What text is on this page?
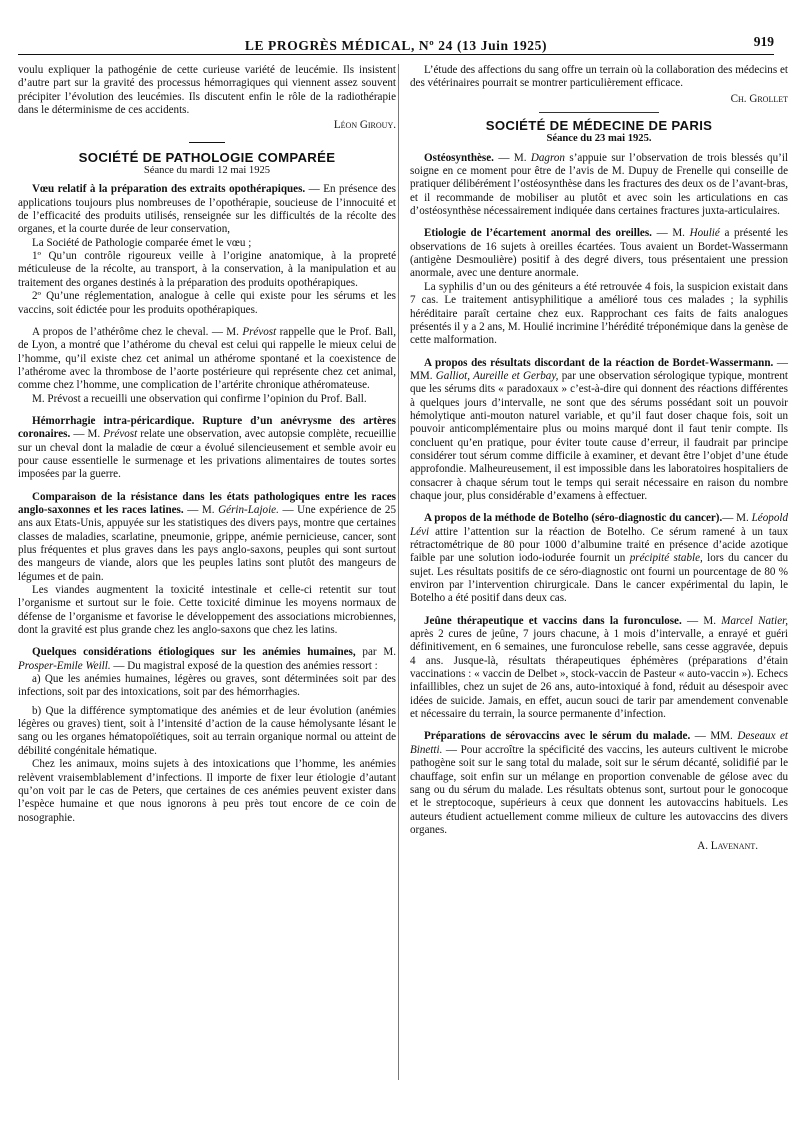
LE PROGRÈS MÉDICAL, Nº 24 (13 Juin 1925)	919

voulu expliquer la pathogénie de cette curieuse variété de leucémie. Ils insistent d’autre part sur la gravité des processus hémorragiques qui viennent assez souvent précipiter l’évolution des leucémies. Ils discutent enfin le rôle de la radiothérapie dans le déterminisme de ces accidents.

Léon Girouy.

SOCIÉTÉ DE PATHOLOGIE COMPARÉE
Séance du mardi 12 mai 1925

Vœu relatif à la préparation des extraits opothérapiques. — En présence des applications toujours plus nombreuses de l’opothérapie, soucieuse de l’innocuité et de l’efficacité des produits utilisés, renseignée sur les difficultés de la récolte des organes, et la courte durée de leur conservation,

La Société de Pathologie comparée émet le vœu ;

1º Qu’un contrôle rigoureux veille à l’origine anatomique, à la propreté méticuleuse de la récolte, au transport, à la conservation, à la manipulation et au traitement des organes destinés à la préparation des produits opothérapiques.

2º Qu’une réglementation, analogue à celle qui existe pour les sérums et les vaccins, soit édictée pour les produits opothérapiques.

A propos de l’athérôme chez le cheval. — M. Prévost rappelle que le Prof. Ball, de Lyon, a montré que l’athérome du cheval est celui qui rappelle le mieux celui de l’homme, qu’il existe chez cet animal un athérome spontané et la coexistence de l’athérome avec la thrombose de l’aorte postérieure qui représente chez cet animal, comme chez l’homme, une complication de l’artérite chronique athéromateuse.

M. Prévost a recueilli une observation qui confirme l’opinion du Prof. Ball.

Hémorrhagie intra-péricardique. Rupture d’un anévrysme des artères coronaires. — M. Prévost relate une observation, avec autopsie complète, recueillie sur un cheval dont la maladie de cœur a évolué silencieusement et semble avoir eu pour cause essentielle le surmenage et les privations alimentaires de toutes sortes imposées par la guerre.

Comparaison de la résistance dans les états pathologiques entre les races anglo-saxonnes et les races latines. — M. Gérin-Lajoie. — Une expérience de 25 ans aux Etats-Unis, appuyée sur les statistiques des divers pays, montre que certaines classes de maladies, scarlatine, pneumonie, grippe, anémie pernicieuse, cancer, sont plus fréquentes et plus graves dans les pays anglo-saxons, peuples qui sont surtout des mangeurs de viande, alors que les peuples latins sont plutôt des mangeurs de légumes et de pain.

Les viandes augmentent la toxicité intestinale et celle-ci retentit sur tout l’organisme et surtout sur le foie. Cette toxicité diminue les moyens normaux de défense de l’organisme et favorise le développement des associations microbiennes, dont la gravité est plus grande chez les anglo-saxons que chez les latins.

Quelques considérations étiologiques sur les anémies humaines, par M. Prosper-Emile Weill. — Du magistral exposé de la question des anémies ressort :

a) Que les anémies humaines, légères ou graves, sont déterminées soit par des infections, soit par des intoxications, soit par des hémorrhagies.

b) Que la différence symptomatique des anémies et de leur évolution (anémies légères ou graves) tient, soit à l’intensité d’action de la cause hémolysante lésant le sang ou les organes hématopoïétiques, soit au terrain organique normal ou atteint de débilité congénitale hématique.

Chez les animaux, moins sujets à des intoxications que l’homme, les anémies relèvent vraisemblablement d’infections. Il importe de fixer leur étiologie d’autant qu’on voit par le cas de Peters, que certaines de ces anémies peuvent exister dans l’espèce humaine et que nous ignorons à peu près tout encore de ce coin de nosographie.

L’étude des affections du sang offre un terrain où la collaboration des médecins et des vétérinaires pourrait se montrer particulièrement efficace.

Ch. Grollet

SOCIÉTÉ DE MÉDECINE DE PARIS
Séance du 23 mai 1925.

Ostéosynthèse. — M. Dagron s’appuie sur l’observation de trois blessés qu’il soigne en ce moment pour être de l’avis de M. Dupuy de Frenelle qui conseille de pratiquer délibérément l’ostéosynthèse dans les fractures des deux os de l’avant-bras, et il recommande de mobiliser au plutôt et avec soin les articulations en cas d’ostéosynthèse nécessairement indiquée dans certaines fractures juxta-articulaires.

Etiologie de l’écartement anormal des oreilles. — M. Houlié a présenté les observations de 16 sujets à oreilles écartées. Tous avaient un Bordet-Wassermann (antigène Desmoulière) positif à des degré divers, tous présentaient une pression anormale, avec une denture anormale.

La syphilis d’un ou des géniteurs a été retrouvée 4 fois, la suspicion existait dans 7 cas. Le traitement antisyphilitique a amélioré tous ces malades ; la syphilis héréditaire paraît certaine chez eux. Rapprochant ces faits de faits analogues présentés il y a 2 ans, M. Houlié incrimine l’hérédité tréponémique dans la genèse de cette malformation.

A propos des résultats discordant de la réaction de Bordet-Wassermann. — MM. Galliot, Aureille et Gerbay, par une observation sérologique typique, montrent que les sérums dits « paradoxaux » c’est-à-dire qui donnent des réactions différentes à quelques jours d’intervalle, ne sont que des sérums possédant soit un pouvoir hémolytique anti-mouton naturel variable, et qu’il faut doser chaque fois, soit un pouvoir anticomplémentaire plus ou moins marqué dont il faut tenir compte. Ils concluent qu’en pratique, pour éviter toute cause d’erreur, il faudrait par principe considérer tout sérum comme difficile à examiner, et devant être l’objet d’une étude approfondie. Malheureusement, il est impossible dans les laboratoires hospitaliers de consacrer à chaque sérum tout le temps qui serait nécessaire en raison du nombre chaque jour, plus considérable d’examens à effectuer.

A propos de la méthode de Botelho (séro-diagnostic du cancer).— M. Léopold Lévi attire l’attention sur la réaction de Botelho. Ce sérum ramené à un taux rétractométrique de 80 pour 1000 d’albumine traité en présence d’acide azotique faible par une solution iodo-iodurée fournit un précipité stable, lors du cancer du sujet. Les résultats positifs de ce séro-diagnostic ont fourni un pourcentage de 80 % environ par l’intervention chirurgicale. Dans le cancer expérimental du lapin, le Botelho a été positif dans deux cas.

Jeûne thérapeutique et vaccins dans la furonculose. — M. Marcel Natier, après 2 cures de jeûne, 7 jours chacune, à 1 mois d’intervalle, a enrayé et guéri définitivement, en 6 semaines, une furonculose rebelle, sans cesse aggravée, depuis 4 ans. Jusque-là, résultats thérapeutiques éphémères (préparations d’étain vaccinations : « vaccin de Delbet », stock-vaccin de Pasteur « auto-vaccin »). Echecs infaillibles, chez un sujet de 26 ans, auto-intoxiqué à fond, réduit au désespoir avec idées de suicide. Jamais, en effet, aucun souci de tarir par amendement convenable et nécessaire du terrain, la source permanente d’infection.

Préparations de sérovaccins avec le sérum du malade. — MM. Deseaux et Binetti. — Pour accroître la spécificité des vaccins, les auteurs cultivent le microbe pathogène soit sur le sang total du malade, soit sur le sérum décanté, solidifié par le chauffage, soit enfin sur un mélange en proportion convenable de gélose avec du sang ou du sérum du malade. Les résultats obtenus sont, surtout pour le gonocoque et le streptocoque, supérieurs à ceux que donnent les autovaccins habituels. Les auteurs étudient actuellement comme milieux de culture les autovaccins des divers organes.

A. Lavenant.
